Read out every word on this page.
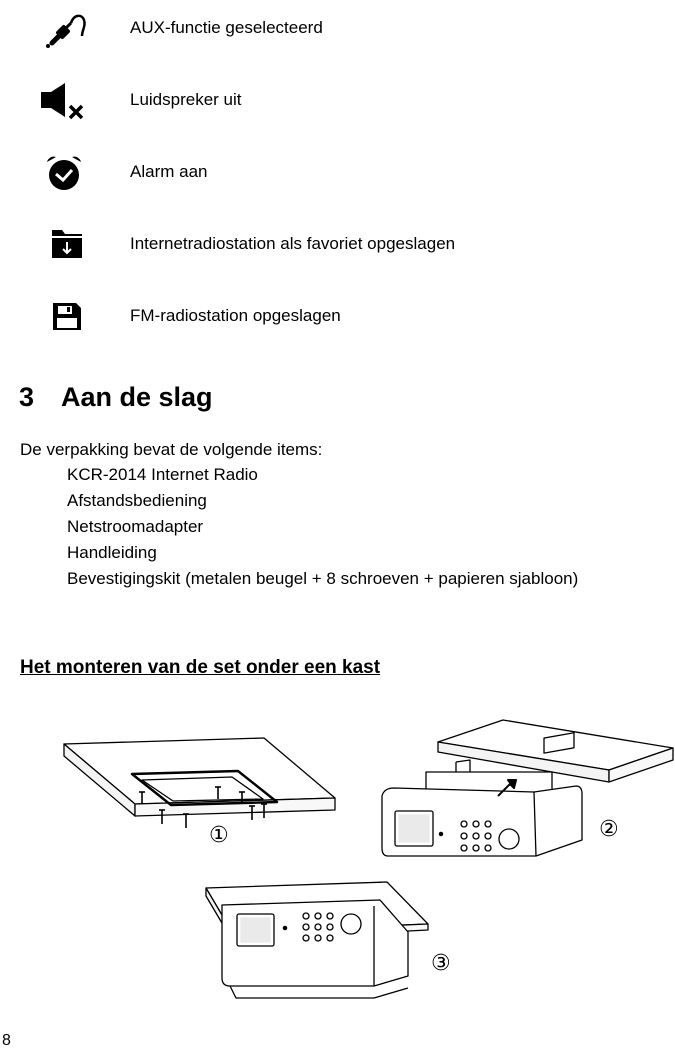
AUX-functie geselecteerd
Luidspreker uit
Alarm aan
Internetradiostation als favoriet opgeslagen
FM-radiostation opgeslagen
3 Aan de slag
De verpakking bevat de volgende items:
KCR-2014 Internet Radio
Afstandsbediening
Netstroomadapter
Handleiding
Bevestigingskit (metalen beugel + 8 schroeven + papieren sjabloon)
Het monteren van de set onder een kast
①	②
③
8
